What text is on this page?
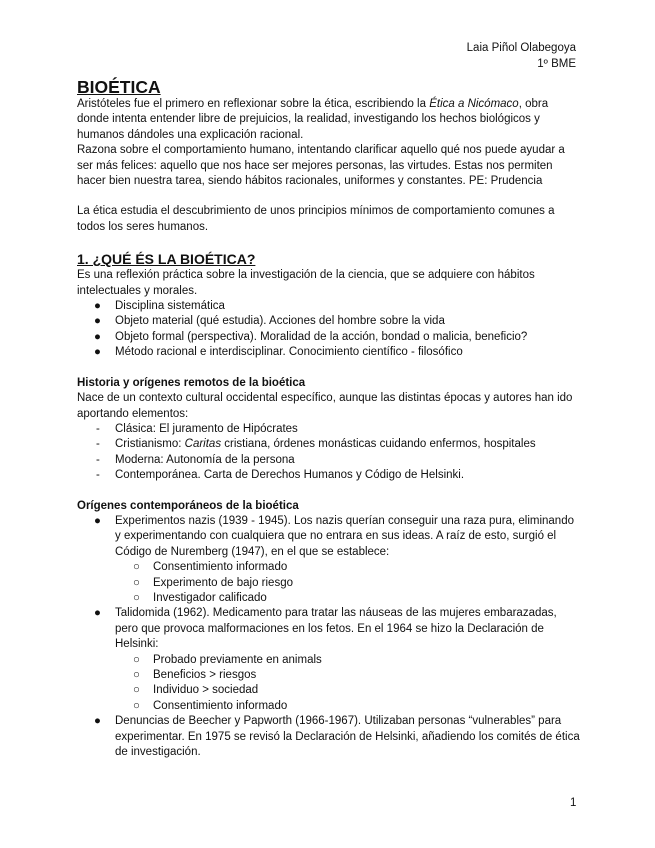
Laia Piñol Olabegoya
1º BME
BIOÉTICA

Aristóteles fue el primero en reflexionar sobre la ética, escribiendo la Ética a Nicómaco, obra donde intenta entender libre de prejuicios, la realidad, investigando los hechos biológicos y humanos dándoles una explicación racional.

Razona sobre el comportamiento humano, intentando clarificar aquello qué nos puede ayudar a ser más felices: aquello que nos hace ser mejores personas, las virtudes. Estas nos permiten hacer bien nuestra tarea, siendo hábitos racionales, uniformes y constantes. PE: Prudencia

La ética estudia el descubrimiento de unos principios mínimos de comportamiento comunes a todos los seres humanos.

1. ¿QUÉ ÉS LA BIOÉTICA?

Es una reflexión práctica sobre la investigación de la ciencia, que se adquiere con hábitos intelectuales y morales.

● Disciplina sistemática
● Objeto material (qué estudia). Acciones del hombre sobre la vida
● Objeto formal (perspectiva). Moralidad de la acción, bondad o malicia, beneficio?
● Método racional e interdisciplinar. Conocimiento científico - filosófico
Historia y orígenes remotos de la bioética

Nace de un contexto cultural occidental específico, aunque las distintas épocas y autores han ido aportando elementos:

- Clásica: El juramento de Hipócrates
- Cristianismo: Caritas cristiana, órdenes monásticas cuidando enfermos, hospitales
- Moderna: Autonomía de la persona
- Contemporánea. Carta de Derechos Humanos y Código de Helsinki.
Orígenes contemporáneos de la bioética
● Experimentos nazis (1939 - 1945). Los nazis querían conseguir una raza pura, eliminando y experimentando con cualquiera que no entrara en sus ideas. A raíz de esto, surgió el Código de Nuremberg (1947), en el que se establece:
○ Consentimiento informado
○ Experimento de bajo riesgo
○ Investigador calificado
● Talidomida (1962). Medicamento para tratar las náuseas de las mujeres embarazadas, pero que provoca malformaciones en los fetos. En el 1964 se hizo la Declaración de Helsinki:
○ Probado previamente en animals
○ Beneficios > riesgos
○ Individuo > sociedad
○ Consentimiento informado
● Denuncias de Beecher y Papworth (1966-1967). Utilizaban personas “vulnerables” para experimentar. En 1975 se revisó la Declaración de Helsinki, añadiendo los comités de ética de investigación.
1
